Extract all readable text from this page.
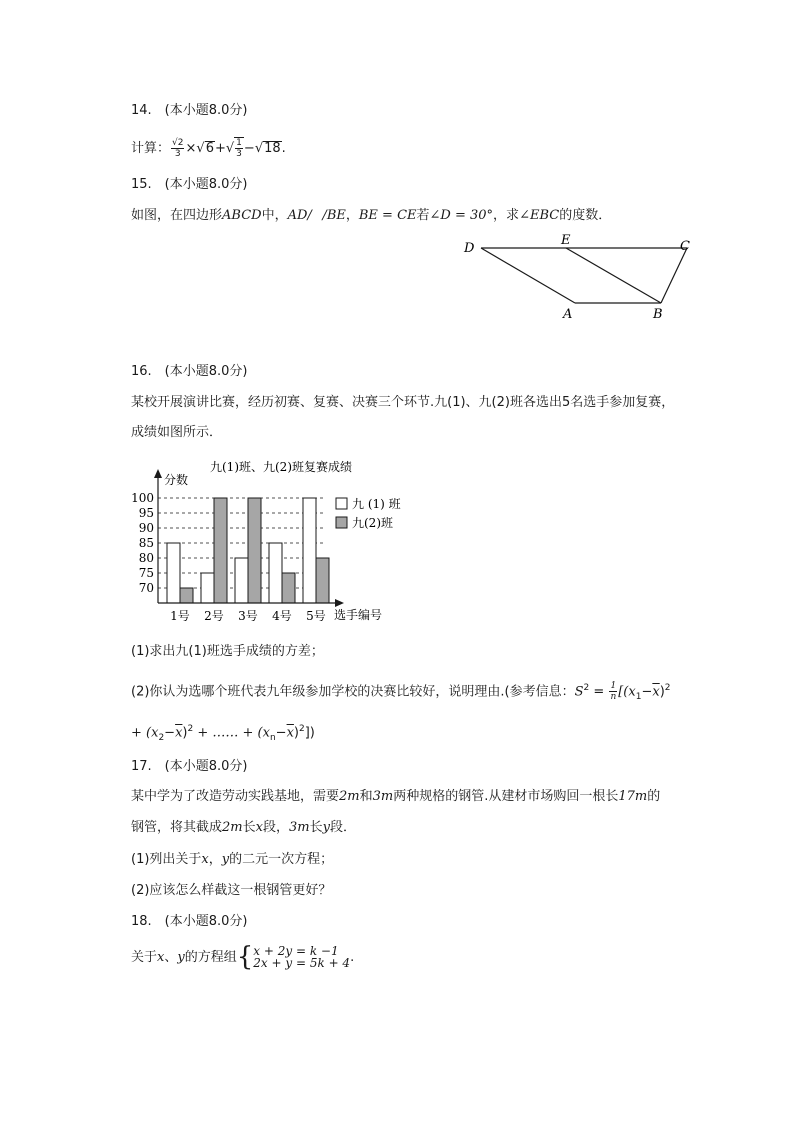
14.　(本小题8.0分)
计算： $\frac{√2}{3} \times√6+√ \frac{1}{3} -√18$.
15.　(本小题8.0分)
如图，在四边形ABCD中，AD/  /BE，BE = CE若∠D = 30°，求∠EBC的度数．
D
E	C
A	B
16.　(本小题8.0分)
某校开展演讲比赛，经历初赛、复赛、决赛三个环节.九(1)、九(2)班各选出5名选手参加复赛，
成绩如图所示．
九(1)班、九(2)班复赛成绩
分数
选手编号
70
75
80
85
90
95
100
1号 2号 3号 4号 5号
九 (1) 班
九(2)班
(1)求出九(1)班选手成绩的方差；
(2)你认为选哪个班代表九年级参加学校的决赛比较好，说明理由.(参考信息：$S^2 = \frac{1}{n} [(x_1-\overline{x})^2$
+ $(x_2-\overline{x})^2$ + …… + $(x_n-\overline{x})^2$])
17.　(本小题8.0分)
某中学为了改造劳动实践基地，需要2m和3m两种规格的钢管.从建材市场购回一根长17m的
钢管，将其截成2m长x段，3m长y段．
(1)列出关于x，y的二元一次方程；
(2)应该怎么样截这一根钢管更好？
18.　(本小题8.0分)
关于x、y的方程组{ x + 2y = k −1
2x + y = 5k + 4 .
